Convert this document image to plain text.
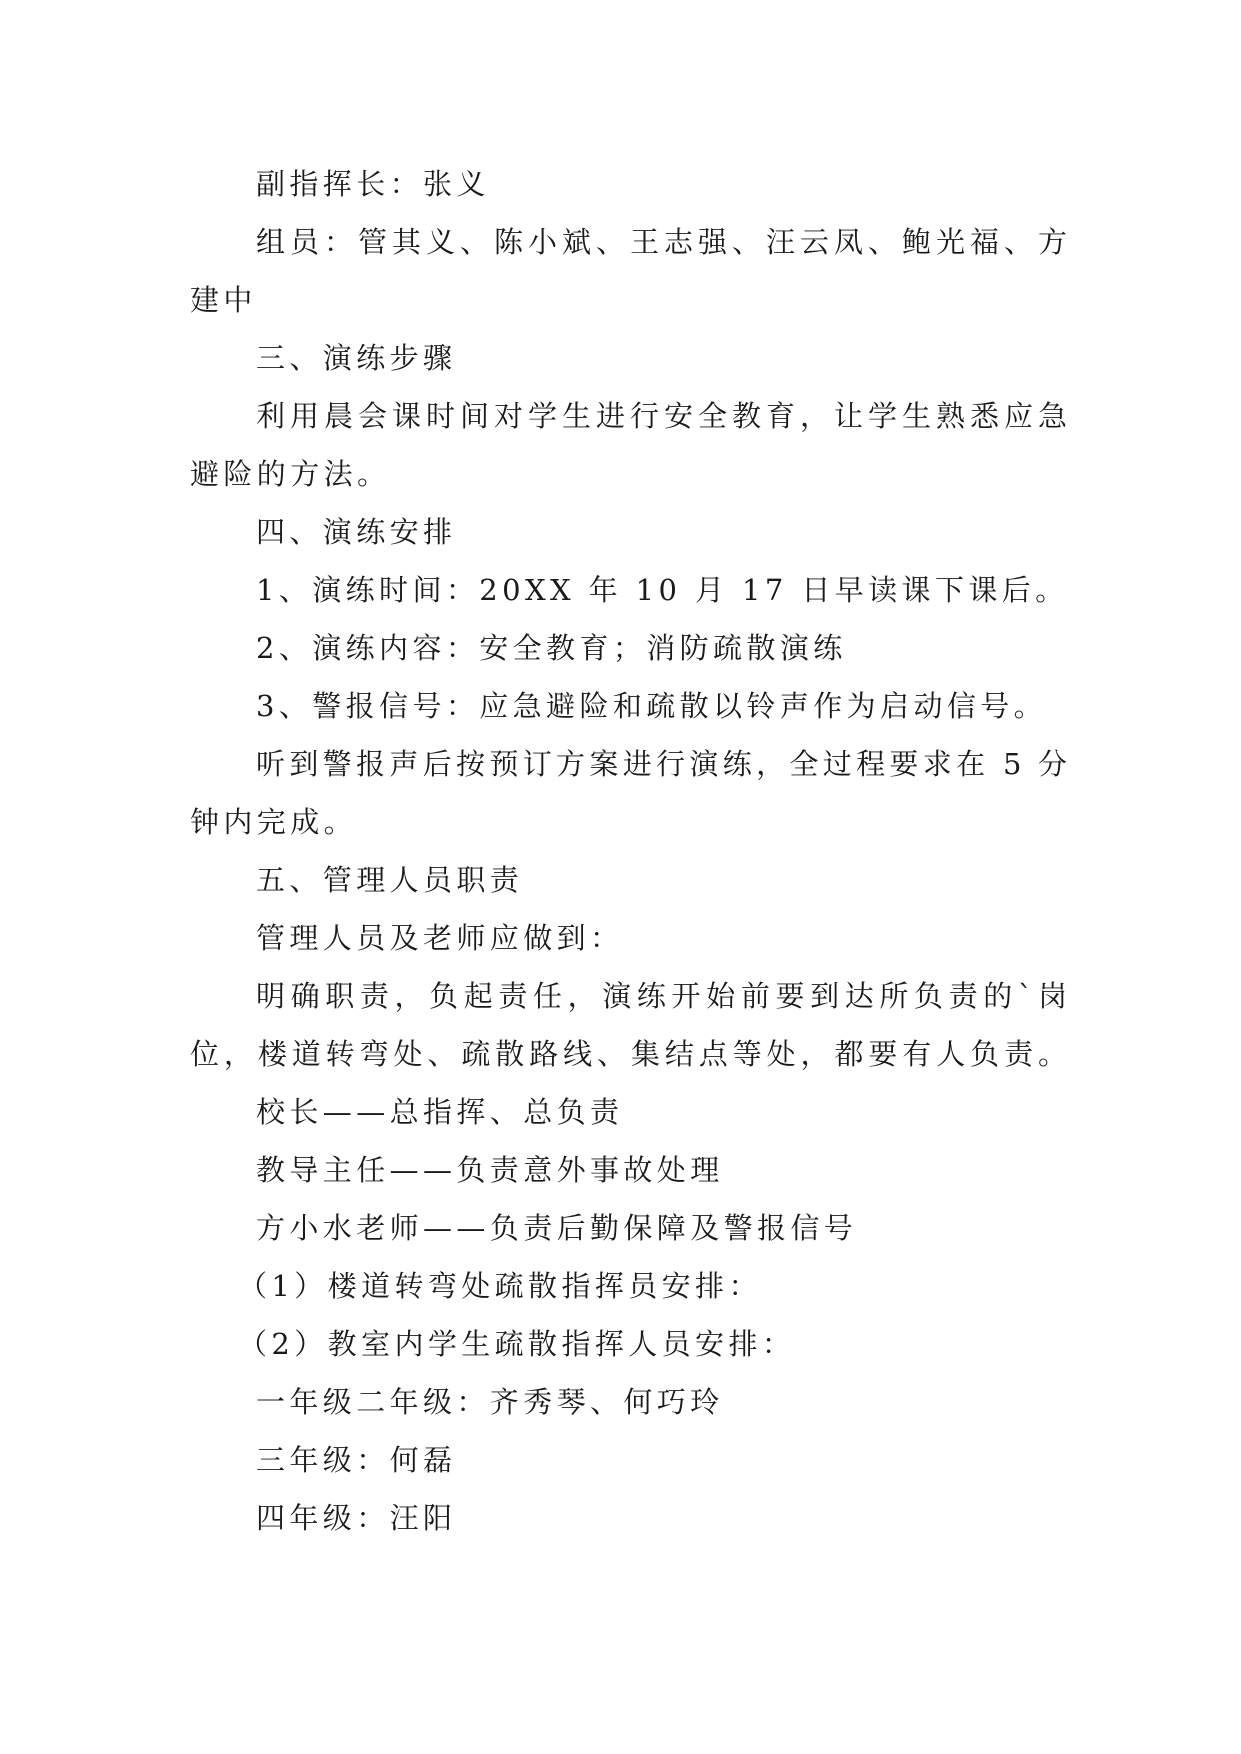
副指挥长：张义

组员：管其义、陈小斌、王志强、汪云凤、鲍光福、方

建中

三、演练步骤

利用晨会课时间对学生进行安全教育，让学生熟悉应急

避险的方法。

四、演练安排

1、演练时间：20XX 年 10 月 17 日早读课下课后。

2、演练内容：安全教育；消防疏散演练

3、警报信号：应急避险和疏散以铃声作为启动信号。

听到警报声后按预订方案进行演练，全过程要求在 5 分

钟内完成。

五、管理人员职责

管理人员及老师应做到：

明确职责，负起责任，演练开始前要到达所负责的`岗

位，楼道转弯处、疏散路线、集结点等处，都要有人负责。

校长——总指挥、总负责

教导主任——负责意外事故处理

方小水老师——负责后勤保障及警报信号

（1）楼道转弯处疏散指挥员安排：

（2）教室内学生疏散指挥人员安排：

一年级二年级：齐秀琴、何巧玲

三年级：何磊

四年级：汪阳
